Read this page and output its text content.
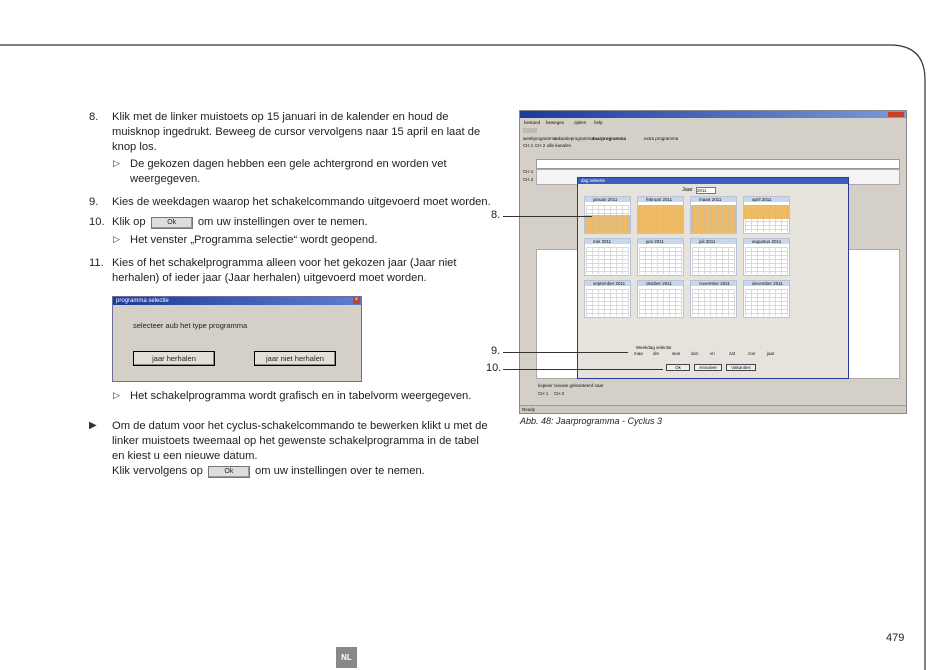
8. Klik met de linker muistoets op 15 januari in de kalender en houd de
muisknop ingedrukt. Beweeg de cursor vervolgens naar 15 april en laat de
knop los.
▷ De gekozen dagen hebben een gele achtergrond en worden vet
weergegeven.
9. Kies de weekdagen waarop het schakelcommando uitgevoerd moet worden.
10. Klik op	Ok om uw instellingen over te nemen.
▷ Het venster „Programma selectie“ wordt geopend.
11. Kies of het schakelprogramma alleen voor het gekozen jaar (Jaar niet
herhalen) of ieder jaar (Jaar herhalen) uitgevoerd moet worden.
programma selectie	×
selecteer aub het type programma
jaar herhalen	jaar niet herhalen
▷ Het schakelprogramma wordt grafisch en in tabelvorm weergegeven.
▶ Om de datum voor het cyclus-schakelcommando te bewerken klikt u met de
linker muistoets tweemaal op het gewenste schakelprogramma in de tabel
en kiest u een nieuwe datum.
Klik vervolgens op	Ok om uw instellingen over te nemen.
bestand bewegen opties help
weekprogramma
vakantieprogramma
Jaarprogramma	extra programma
CH 1 CH 2 alle kanalen
CH 1
CH 2	dag selectie
Jaar 2011
januari 2011	februari 2011	maart 2011	april 2011
mei 2011	juni 2011	juli 2011	augustus 2011
september 2011	oktober 2011	november 2011	december 2011
Weekdag selectie
maa din	woe don	vri	zat	zon	jaar
Ok	Annuleer	Vakanties
kopieer nieuwe geleanteerd naar
CH 1 CH 2
Ready
8.
9.
10.
Abb. 48: Jaarprogramma - Cyclus 3
479
NL
